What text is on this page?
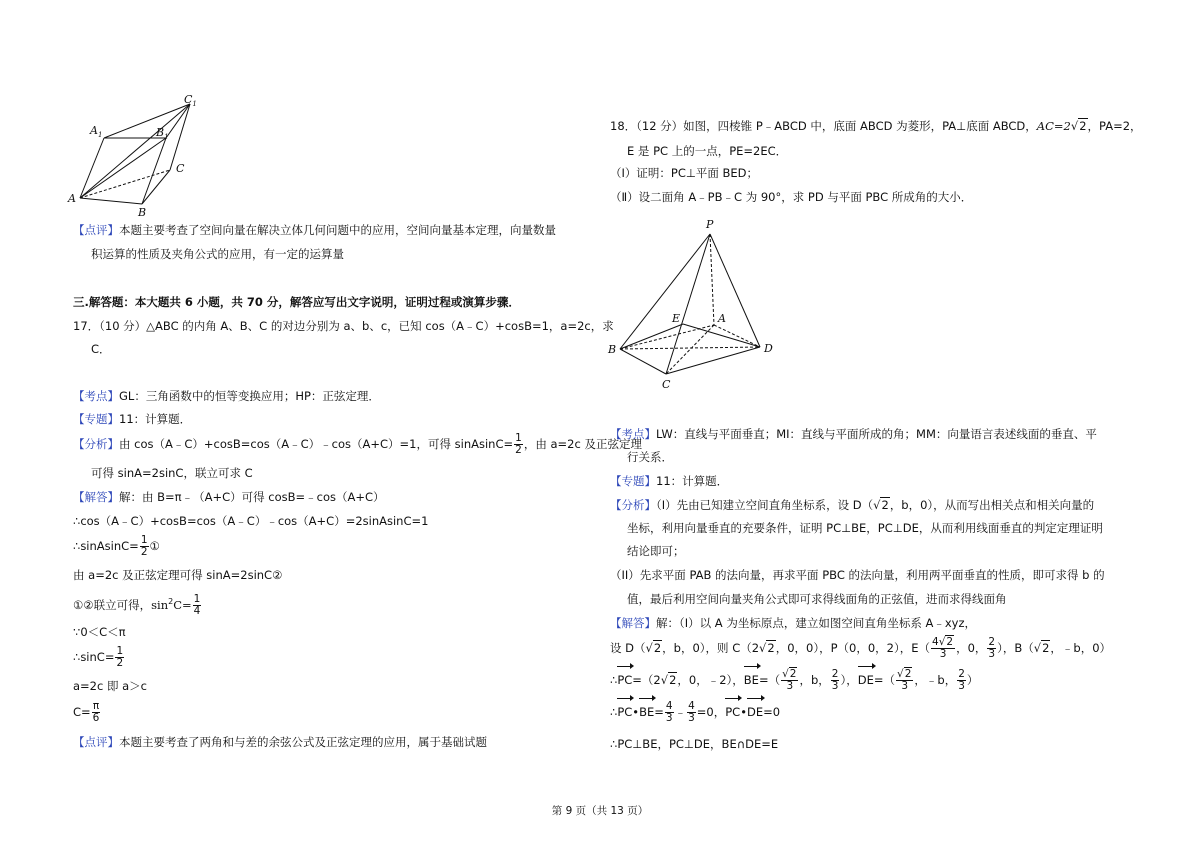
$A_1$	$B_1$
$C_1$
A
B
C
【点评】本题主要考查了空间向量在解决立体几何问题中的应用，空间向量基本定理，向量数量
积运算的性质及夹角公式的应用，有一定的运算量
三.解答题：本大题共 6 小题，共 70 分，解答应写出文字说明，证明过程或演算步骤．
17．（10 分）△ABC 的内角 A、B、C 的对边分别为 a、b、c，已知 cos（A﹣C）+cosB=1，a=2c，求
C．
【考点】GL：三角函数中的恒等变换应用；HP：正弦定理．
【专题】11：计算题．
【分析】由 cos（A﹣C）+cosB=cos（A﹣C）﹣cos（A+C）=1，可得 sinAsinC= $\frac{1}{2}$ ，由 a=2c 及正弦定理
可得 sinA=2sinC，联立可求 C
【解答】解：由 B=π﹣（A+C）可得 cosB=﹣cos（A+C）
∴cos（A﹣C）+cosB=cos（A﹣C）﹣cos（A+C）=2sinAsinC=1
∴sinAsinC= $\frac{1}{2}$ ①
由 a=2c 及正弦定理可得 sinA=2sinC②
①②联立可得，$\sin^2C= \frac{1}{4}$
∵0＜C＜π
∴sinC= $\frac{1}{2}$
a=2c 即 a＞c
$C= \frac{\pi}{6}$
【点评】本题主要考查了两角和与差的余弦公式及正弦定理的应用，属于基础试题
18．（12 分）如图，四棱锥 P﹣ABCD 中，底面 ABCD 为菱形，PA⊥底面 ABCD，AC=2√2，PA=2，
E 是 PC 上的一点，PE=2EC．
（Ⅰ）证明：PC⊥平面 BED；
（Ⅱ）设二面角 A﹣PB﹣C 为 90°，求 PD 与平面 PBC 所成角的大小．
P
E	A
B
C
D
【考点】LW：直线与平面垂直；MI：直线与平面所成的角；MM：向量语言表述线面的垂直、平
行关系．
【专题】11：计算题．
【分析】（I）先由已知建立空间直角坐标系，设 D（√2，b，0），从而写出相关点和相关向量的
坐标，利用向量垂直的充要条件，证明 PC⊥BE，PC⊥DE，从而利用线面垂直的判定定理证明
结论即可；
（II）先求平面 PAB 的法向量，再求平面 PBC 的法向量，利用两平面垂直的性质，即可求得 b 的
值，最后利用空间向量夹角公式即可求得线面角的正弦值，进而求得线面角
【解答】解：（I）以 A 为坐标原点，建立如图空间直角坐标系 A﹣xyz，
设 D（√2，b，0），则 C（2√2，0，0），P（0，0，2），$E( \frac{4√2}{3}$ ，0， $\frac{2}{3}$ ），B（√2，﹣b，0）
∴PC=（2√2，0，﹣2），$BE=( \frac{√2}{3}$ ，b， $\frac{2}{3}$ ），$DE=( \frac{√2}{3}$ ，﹣b， $\frac{2}{3}$ ）
∴PC•BE= $\frac{4}{3}$ ﹣ $\frac{4}{3} =0$，PC•DE=0
∴PC⊥BE，PC⊥DE，BE∩DE=E
第 9 页（共 13 页）
